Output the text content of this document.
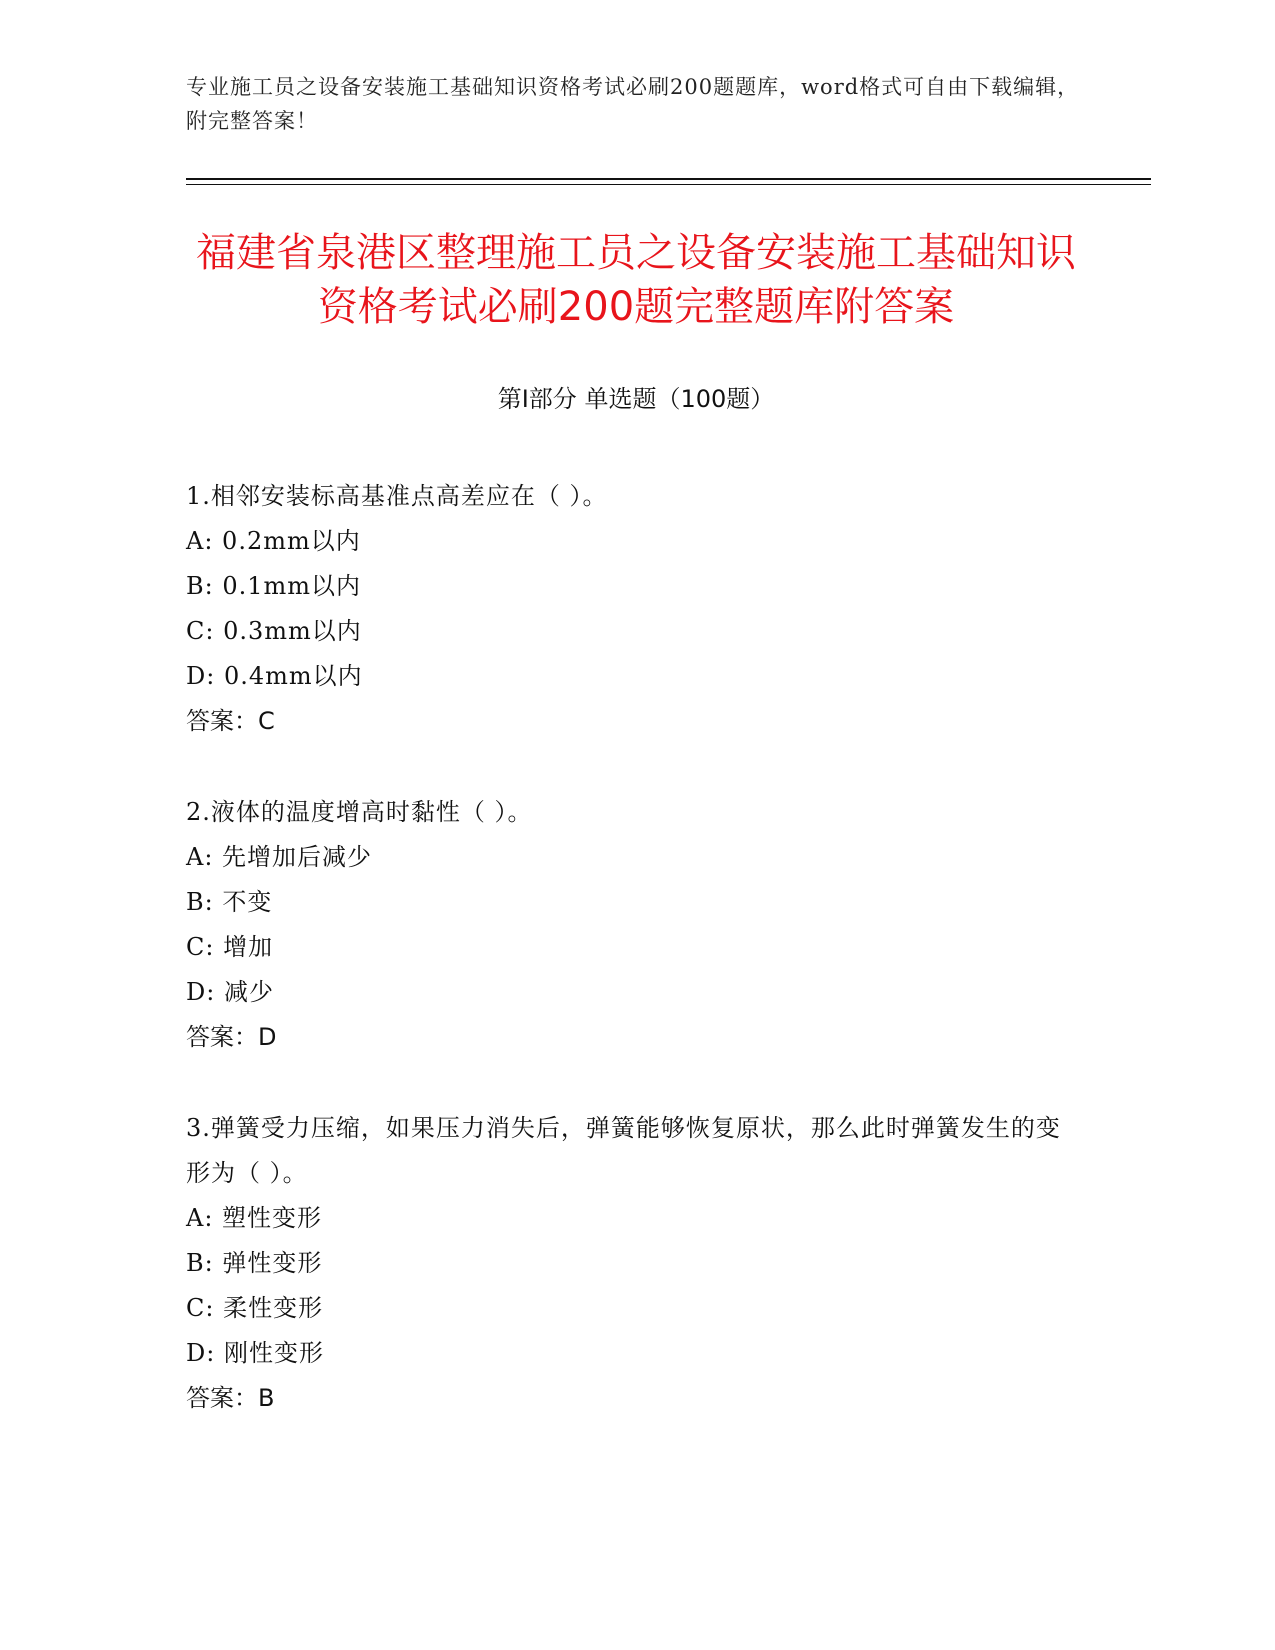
专业施工员之设备安装施工基础知识资格考试必刷200题题库，word格式可自由下载编辑，附完整答案！
福建省泉港区整理施工员之设备安装施工基础知识资格考试必刷200题完整题库附答案
第Ⅰ部分 单选题（100题）
1.相邻安装标高基准点高差应在（ ）。
A: 0.2mm以内
B: 0.1mm以内
C: 0.3mm以内
D: 0.4mm以内
答案：C
2.液体的温度增高时黏性（ ）。
A: 先增加后减少
B: 不变
C: 增加
D: 减少
答案：D
3.弹簧受力压缩，如果压力消失后，弹簧能够恢复原状，那么此时弹簧发生的变形为（ ）。
A: 塑性变形
B: 弹性变形
C: 柔性变形
D: 刚性变形
答案：B
